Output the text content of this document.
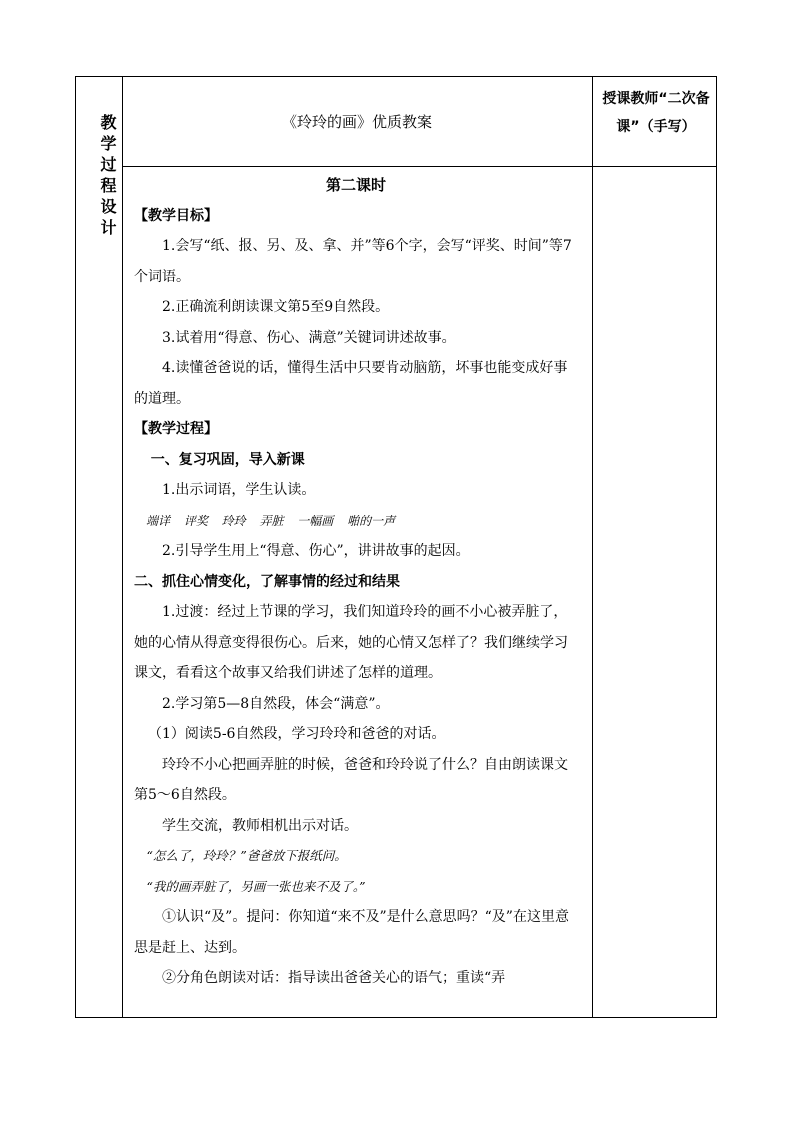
教
学
过
程
设
计
《玲玲的画》优质教案
授课教师“二次备课”（手写）

第二课时

【教学目标】

1.会写“纸、报、另、及、拿、并”等6个字，会写“评奖、时间”等7个词语。

2.正确流利朗读课文第5至9自然段。

3.试着用“得意、伤心、满意”关键词讲述故事。

4.读懂爸爸说的话，懂得生活中只要肯动脑筋，坏事也能变成好事的道理。

【教学过程】

一、复习巩固，导入新课

1.出示词语，学生认读。

端详 评奖 玲玲 弄脏 一幅画 啪的一声

2.引导学生用上“得意、伤心”，讲讲故事的起因。

二、抓住心情变化，了解事情的经过和结果

1.过渡：经过上节课的学习，我们知道玲玲的画不小心被弄脏了，她的心情从得意变得很伤心。后来，她的心情又怎样了？我们继续学习课文，看看这个故事又给我们讲述了怎样的道理。

2.学习第5—8自然段，体会“满意”。

（1）阅读5-6自然段，学习玲玲和爸爸的对话。

玲玲不小心把画弄脏的时候，爸爸和玲玲说了什么？自由朗读课文第5～6自然段。

学生交流，教师相机出示对话。

“怎么了，玲玲？”爸爸放下报纸问。

“我的画弄脏了，另画一张也来不及了。”

①认识“及”。提问：你知道“来不及”是什么意思吗？“及”在这里意思是赶上、达到。

②分角色朗读对话：指导读出爸爸关心的语气；重读“弄
